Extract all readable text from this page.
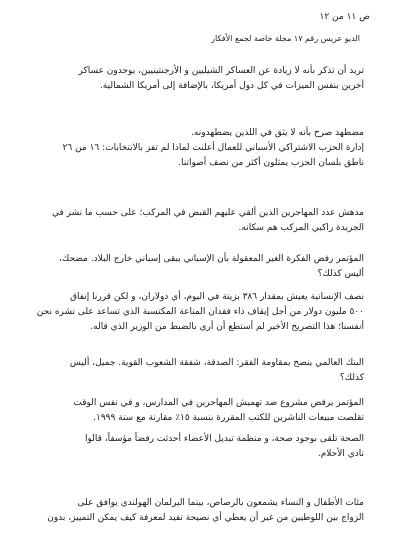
ص ١١ من ١٢
الديو عريس رقم ١٧ مجلة خاصة لجمع الأفكار
تريد أن تذكر بأنه لا زيادة عن العساكر الشيليين و الأرجنتينيين، يوجدون عساكر
آخرين بنفس الميزات في كل دول أمريكا، بالإضافة إلى أمريكا الشمالية.
مضطهد صرح بأنه لا يثق في اللذين يضطهدونه.
إدارة الحزب الاشتراكي الأسباني للعمال أعلنت لماذا لم تفز بالانتخابات: ١٦ من ٢٦
ناطق بلسان الحزب يمثلون أكثر من نصف أصواتنا.
مدهش عدد المهاجرين الذين ألقي عليهم القبض في المركب؛ على حسب ما نشر في
الجريدة راكبي المركب هم سكانه.
المؤتمر رفض الفكرة الغير المعقولة بأن الإسباني يبقى إسباني خارج البلاد. مضحك،
أليس كذلك؟
نصف الإنسانية يعيش بمقدار ٣٨٦ بزيتة في اليوم، أي دولاران، و لكن قررنا إنفاق
٥٠٠ مليون دولار من أجل إيقاف داء فقدان المناعة المكتسبة الذي تساعد على نشره نحن
أنفسنا؛ هذا التصريح الأخير لم أستطع أن أرى بالضبط من الوزير الذي قاله.
البنك العالمي ينصح بمقاومة الفقر: الصدقة، شفقة الشعوب القوية. جميل، أليس
كذلك؟
المؤتمر يرفض مشروع ضد تهميش المهاجرين في المدارس، و في نفس الوقت
تقلصت مبيعات الناشرين للكتب المقررة بنسبة ١٥٪ مقارنة مع سنة ١٩٩٩.
الصحة تلقى بوجود صحة، و منظمة تبديل الأعضاء أحدثت رفضاً مؤسفاً، قالوا
نادي الأحلام.
مئات الأطفال و النساء يشمعون بالرصاص، بينما البرلمان الهولندي يوافق على
الزواج بين اللوطيين من غير أن يعطي أي نصيحة تفيد لمعرفة كيف يمكن التمييز، بدون
